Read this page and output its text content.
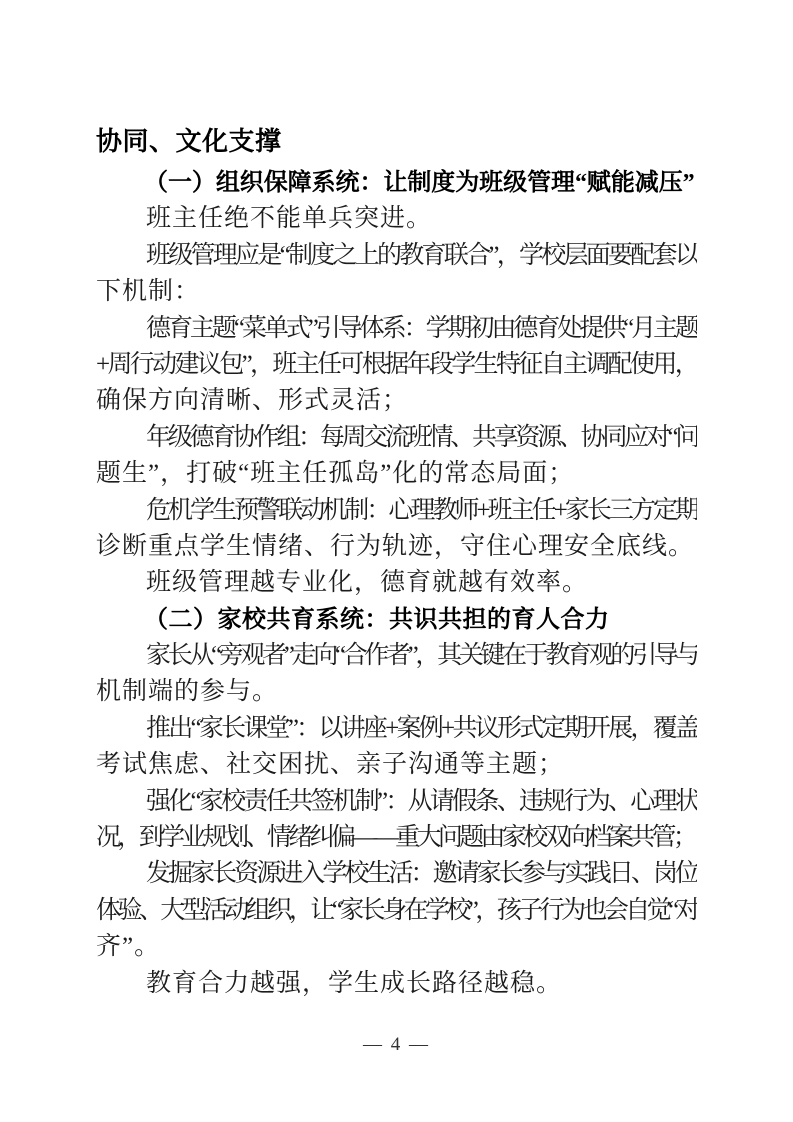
协同、文化支撑
（一）组织保障系统：让制度为班级管理“赋能减压”
班主任绝不能单兵突进。
班级管理应是“制度之上的教育联合”，学校层面要配套以
下机制：
德育主题“菜单式”引导体系：学期初由德育处提供“月主题
+周行动建议包”，班主任可根据年段学生特征自主调配使用，
确保方向清晰、形式灵活；
年级德育协作组：每周交流班情、共享资源、协同应对“问
题生”，打破“班主任孤岛”化的常态局面；
危机学生预警联动机制：心理教师+班主任+家长三方定期
诊断重点学生情绪、行为轨迹，守住心理安全底线。
班级管理越专业化，德育就越有效率。
（二）家校共育系统：共识共担的育人合力
家长从“旁观者”走向“合作者”，其关键在于教育观的引导与
机制端的参与。
推出“家长课堂”：以讲座+案例+共议形式定期开展，覆盖
考试焦虑、社交困扰、亲子沟通等主题；
强化“家校责任共签机制”：从请假条、违规行为、心理状
况，到学业规划、情绪纠偏——重大问题由家校双向档案共管；
发掘家长资源进入学校生活：邀请家长参与实践日、岗位
体验、大型活动组织，让“家长身在学校”，孩子行为也会自觉“对
齐”。
教育合力越强，学生成长路径越稳。
— 4 —
